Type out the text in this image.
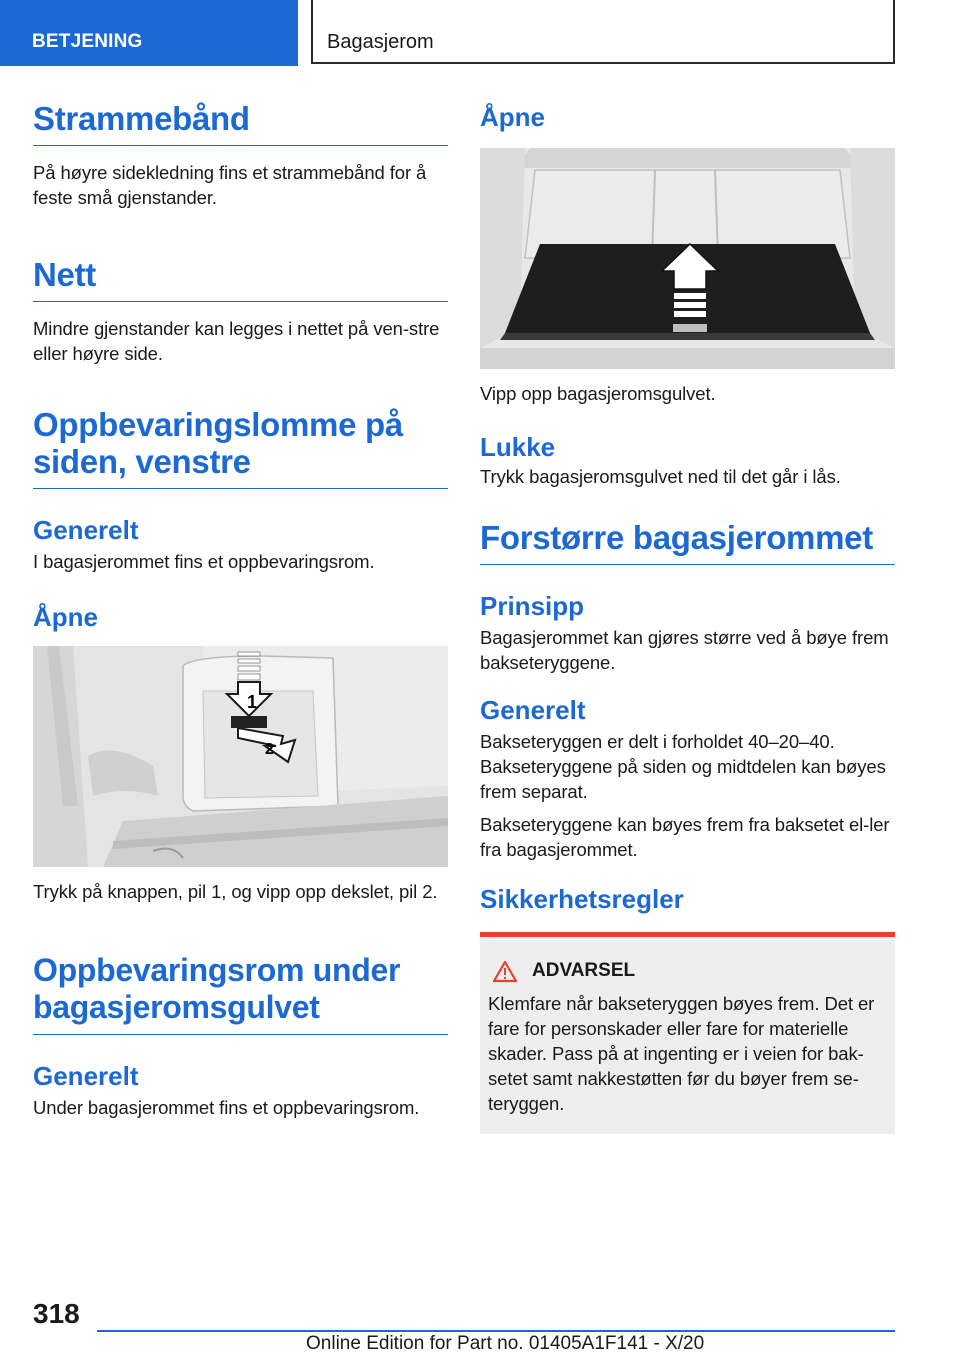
BETJENING	Bagasjerom
Strammebånd

På høyre sidekledning fins et strammebånd for å feste små gjenstander.

Nett

Mindre gjenstander kan legges i nettet på ven-stre eller høyre side.

Oppbevaringslomme på siden, venstre
Generelt

I bagasjerommet fins et oppbevaringsrom.

Åpne
1
2

Trykk på knappen, pil 1, og vipp opp dekslet, pil 2.

Oppbevaringsrom under bagasjeromsgulvet
Generelt

Under bagasjerommet fins et oppbevaringsrom.

Åpne

Vipp opp bagasjeromsgulvet.

Lukke

Trykk bagasjeromsgulvet ned til det går i lås.

Forstørre bagasjerommet
Prinsipp

Bagasjerommet kan gjøres større ved å bøye frem bakseteryggene.

Generelt

Bakseteryggen er delt i forholdet 40–20–40. Bakseteryggene på siden og midtdelen kan bøyes frem separat.

Bakseteryggene kan bøyes frem fra baksetet el-ler fra bagasjerommet.

Sikkerhetsregler
ADVARSEL

Klemfare når bakseteryggen bøyes frem. Det er fare for personskader eller fare for materielle skader. Pass på at ingenting er i veien for bak-setet samt nakkestøtten før du bøyer frem se-teryggen.

318
Online Edition for Part no. 01405A1F141 - X/20
